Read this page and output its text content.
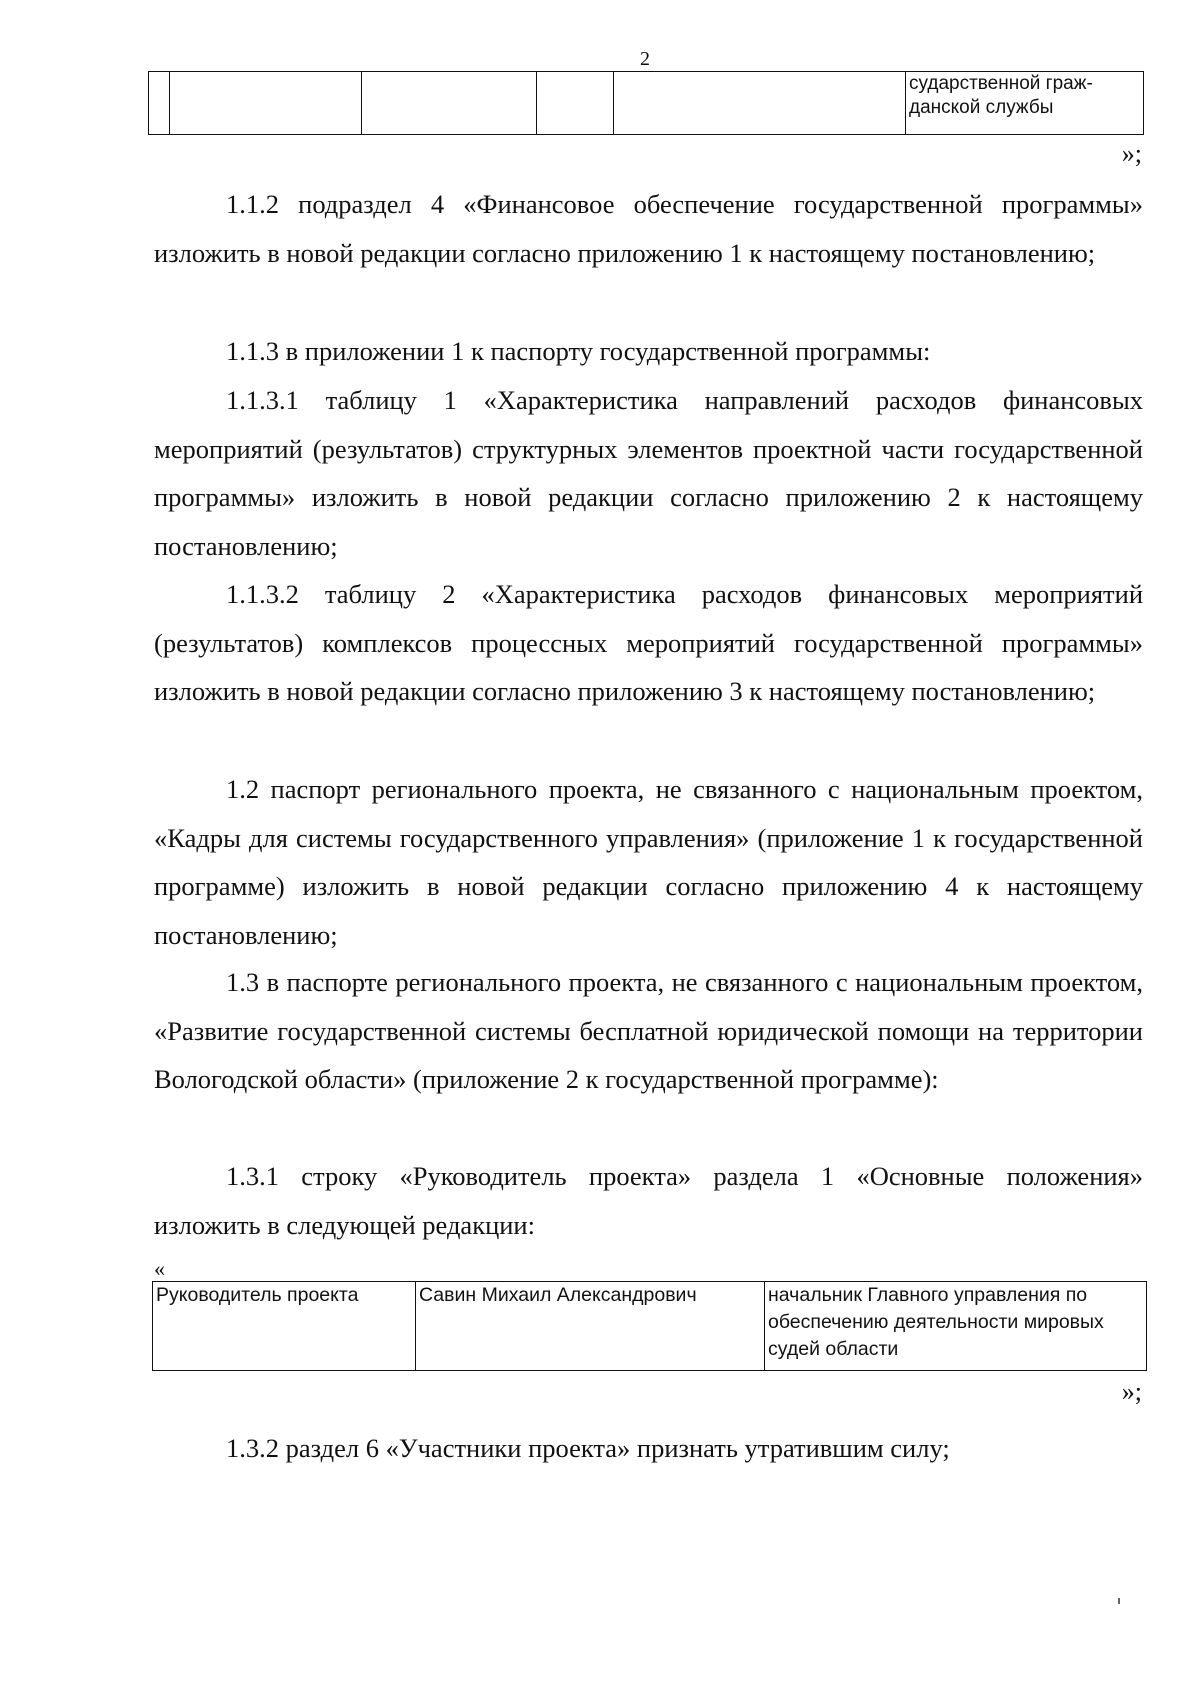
2
					сударственной граж-
данской службы
»;
1.1.2 подраздел 4 «Финансовое обеспечение государственной программы» изложить в новой редакции согласно приложению 1 к настоящему постановлению;
1.1.3 в приложении 1 к паспорту государственной программы:
1.1.3.1 таблицу 1 «Характеристика направлений расходов финансовых мероприятий (результатов) структурных элементов проектной части государственной программы» изложить в новой редакции согласно приложению 2 к настоящему постановлению;
1.1.3.2 таблицу 2 «Характеристика расходов финансовых мероприятий (результатов) комплексов процессных мероприятий государственной программы» изложить в новой редакции согласно приложению 3 к настоящему постановлению;
1.2 паспорт регионального проекта, не связанного с национальным проектом, «Кадры для системы государственного управления» (приложение 1 к государственной программе) изложить в новой редакции согласно приложению 4 к настоящему постановлению;
1.3 в паспорте регионального проекта, не связанного с национальным проектом, «Развитие государственной системы бесплатной юридической помощи на территории Вологодской области» (приложение 2 к государственной программе):
1.3.1 строку «Руководитель проекта» раздела 1 «Основные положения» изложить в следующей редакции:
«
Руководитель проекта	Савин Михаил Александрович	начальник Главного управления по обеспечению деятельности мировых судей области
»;
1.3.2 раздел 6 «Участники проекта» признать утратившим силу;
